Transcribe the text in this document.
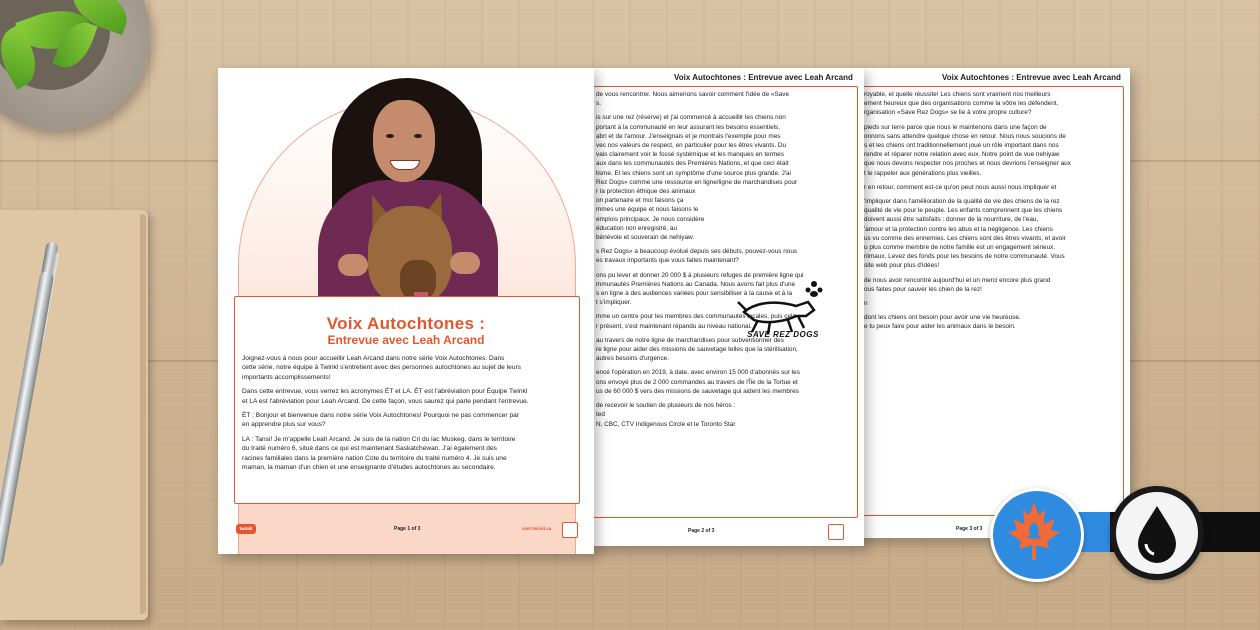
Voix Autochtones : Entrevue avec Leah Arcand

royable, et quelle réussite! Les chiens sont vraiment nos meilleurs

ement heureux que des organisations comme la vôtre les défendent.

rganisation «Save Rez Dogs» se lie à votre propre culture?

pieds sur terre parce que nous le maintenons dans une façon de

onnons sans attendre quelque chose en retour. Nous nous soucions de

s et les chiens ont traditionnellement joué un rôle important dans nos

rendre et réparer notre relation avec eux. Notre point de vue nehiyaw

que nous devons respecter nos proches et nous devrions l'enseigner aux

t le rappeler aux générations plus vieilles.

r en retour, comment est-ce qu'on peut nous aussi nous impliquer et

'impliquer dans l'amélioration de la qualité de vie des chiens de la rez

qualité de vie pour le peuple. Les enfants comprennent que les chiens

doivent aussi être satisfaits : donner de la nourriture, de l'eau,

'amour et la protection contre les abus et la négligence. Les chiens

us vu comme des ennemies. Les chiens sont des êtres vivants, et avoir

u plus comme membre de notre famille est un engagement sérieux.

nimaux. Levez des fonds pour les besoins de notre communauté. Vous

site web pour plus d'idées!

de nous avoir rencontré aujourd'hui et un merci encore plus grand

ous faites pour sauver les chien de la rez!

n

dont les chiens ont besoin pour avoir une vie heureuse.

e tu peux faire pour aider les animaux dans le besoin.

Page 3 of 3
Voix Autochtones : Entrevue avec Leah Arcand

de vous rencontrer. Nous aimerions savoir comment l'idée de «Save

s.

is sur une rez (réserve) et j'ai commencé à accueillir les chiens non

portant à la communauté en leur assurant les besoins essentiels,

abri et de l'amour. J'enseignais et je montrais l'exemple pour mes

vec nos valeurs de respect, en particulier pour les êtres vivants. Du

vais clairement voir le fossé systémique et les manques en termes

aux dans les communautés des Premières Nations, et que ceci était

lisme. Et les chiens sont un symptôme d'une source plus grande. J'ai

Rez Dogs» comme une ressource en ligne/ligne de marchandises pour

r la protection éthique des animaux

on partenaire et moi faisons ça

mmes une équipe et nous faisons le

emplois principaux. Je nous considère

éducation non enregistré, au

bénévole et souverain de nehiyaw.

s Rez Dogs» a beaucoup évolué depuis ses débuts, pouvez-vous nous

es travaux importants que vous faites maintenant?

ons pu lever et donner 20 000 $ à plusieurs refuges de première ligne qui

mmunautés Premières Nations au Canada. Nous avons fait plus d'une

s en ligne à des audiences variées pour sensibiliser à la cause et à la

t s'impliquer.

mme un centre pour les membres des communautés locales, puis cela

r présent, s'est maintenant répandu au niveau national.

au travers de notre ligne de marchandises pour subventionner des

re ligne pour aider des missions de sauvetage telles que la stérilisation,

autres besoins d'urgence.

encé l'opération en 2019, à date, avec environ 15 000 d'abonnés sur les

ons envoyé plus de 2 000 commandes au travers de l'Île de la Tortue et

us de 60 000 $ vers des missions de sauvetage qui aident les membres

de recevoir le soutien de plusieurs de nos héros :

ted

N, CBC, CTV Indigenous Circle et le Toronto Star

SAVE REZ DOGS
Page 2 of 3
Voix Autochtones :
Entrevue avec Leah Arcand

Joignez-vous à nous pour accueillir Leah Arcand dans notre série Voix Autochtones. Dans

cette série, notre équipe à Twinkl s'entretient avec des personnes autochtones au sujet de leurs

importants accomplissements!

Dans cette entrevue, vous verrez les acronymes ÉT et LA. ÉT est l'abréviation pour Équipe Twinkl

et LA est l'abréviation pour Leah Arcand. De cette façon, vous saurez qui parle pendant l'entrevue.

ÉT : Bonjour et bienvenue dans notre série Voix Autochtones! Pourquoi ne pas commencer par

en apprendre plus sur vous?

LA : Tansi! Je m'appelle Leah Arcand. Je suis de la nation Cri du lac Muskeg, dans le territoire

du traité numéro 6, situé dans ce qui est maintenant Saskatchewan. J'ai également des

racines familiales dans la première nation Cote du territoire du traité numéro 4. Je suis une

maman, la maman d'un chien et une enseignante d'études autochtones au secondaire.

twinkl	Page 1 of 3	visit twinkl.ca
